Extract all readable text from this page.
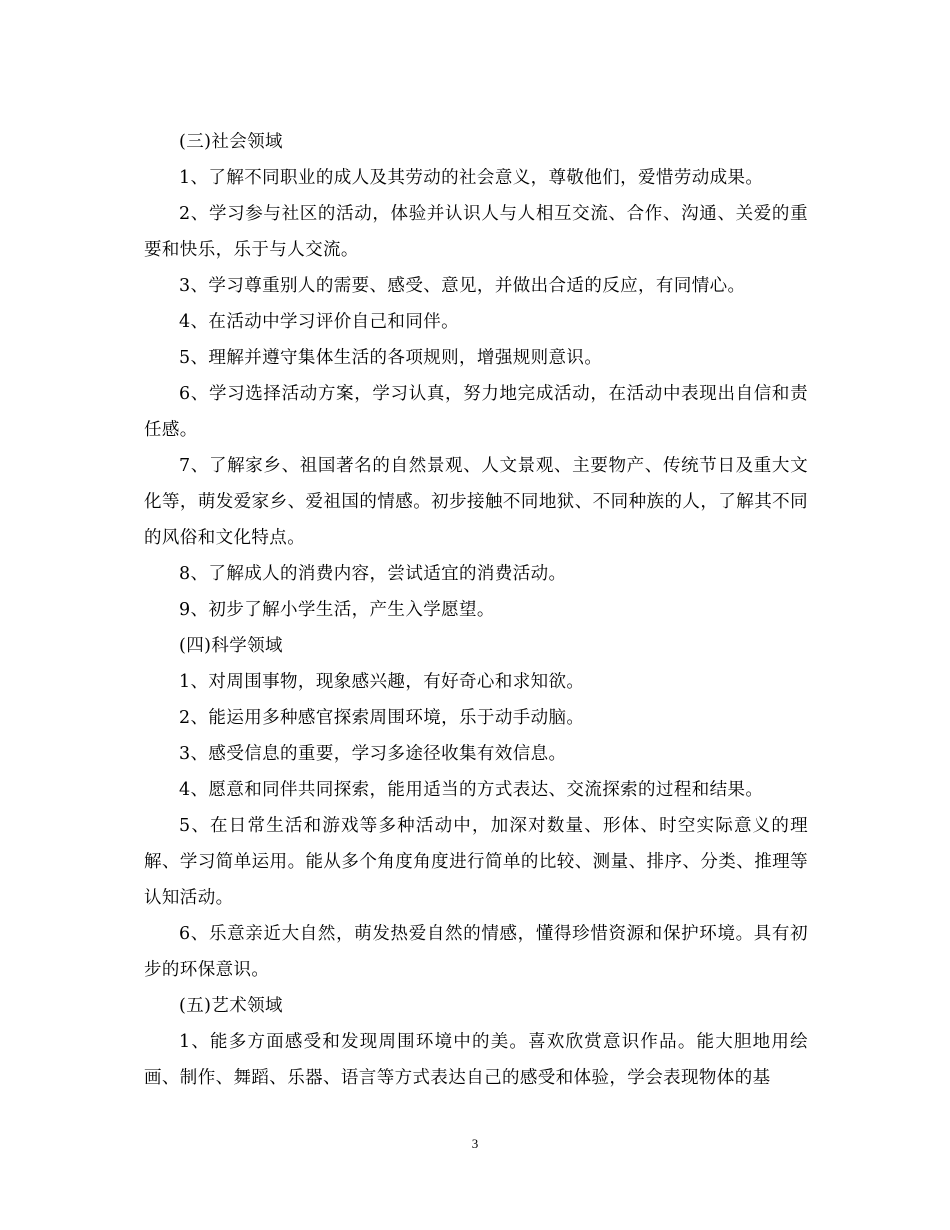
(三)社会领域

1、了解不同职业的成人及其劳动的社会意义，尊敬他们，爱惜劳动成果。

2、学习参与社区的活动，体验并认识人与人相互交流、合作、沟通、关爱的重要和快乐，乐于与人交流。

3、学习尊重别人的需要、感受、意见，并做出合适的反应，有同情心。

4、在活动中学习评价自己和同伴。

5、理解并遵守集体生活的各项规则，增强规则意识。

6、学习选择活动方案，学习认真，努力地完成活动，在活动中表现出自信和责任感。

7、了解家乡、祖国著名的自然景观、人文景观、主要物产、传统节日及重大文化等，萌发爱家乡、爱祖国的情感。初步接触不同地狱、不同种族的人，了解其不同的风俗和文化特点。

8、了解成人的消费内容，尝试适宜的消费活动。

9、初步了解小学生活，产生入学愿望。

(四)科学领域

1、对周围事物，现象感兴趣，有好奇心和求知欲。

2、能运用多种感官探索周围环境，乐于动手动脑。

3、感受信息的重要，学习多途径收集有效信息。

4、愿意和同伴共同探索，能用适当的方式表达、交流探索的过程和结果。

5、在日常生活和游戏等多种活动中，加深对数量、形体、时空实际意义的理解、学习简单运用。能从多个角度角度进行简单的比较、测量、排序、分类、推理等认知活动。

6、乐意亲近大自然，萌发热爱自然的情感，懂得珍惜资源和保护环境。具有初步的环保意识。

(五)艺术领域

1、能多方面感受和发现周围环境中的美。喜欢欣赏意识作品。能大胆地用绘画、制作、舞蹈、乐器、语言等方式表达自己的感受和体验，学会表现物体的基

3
